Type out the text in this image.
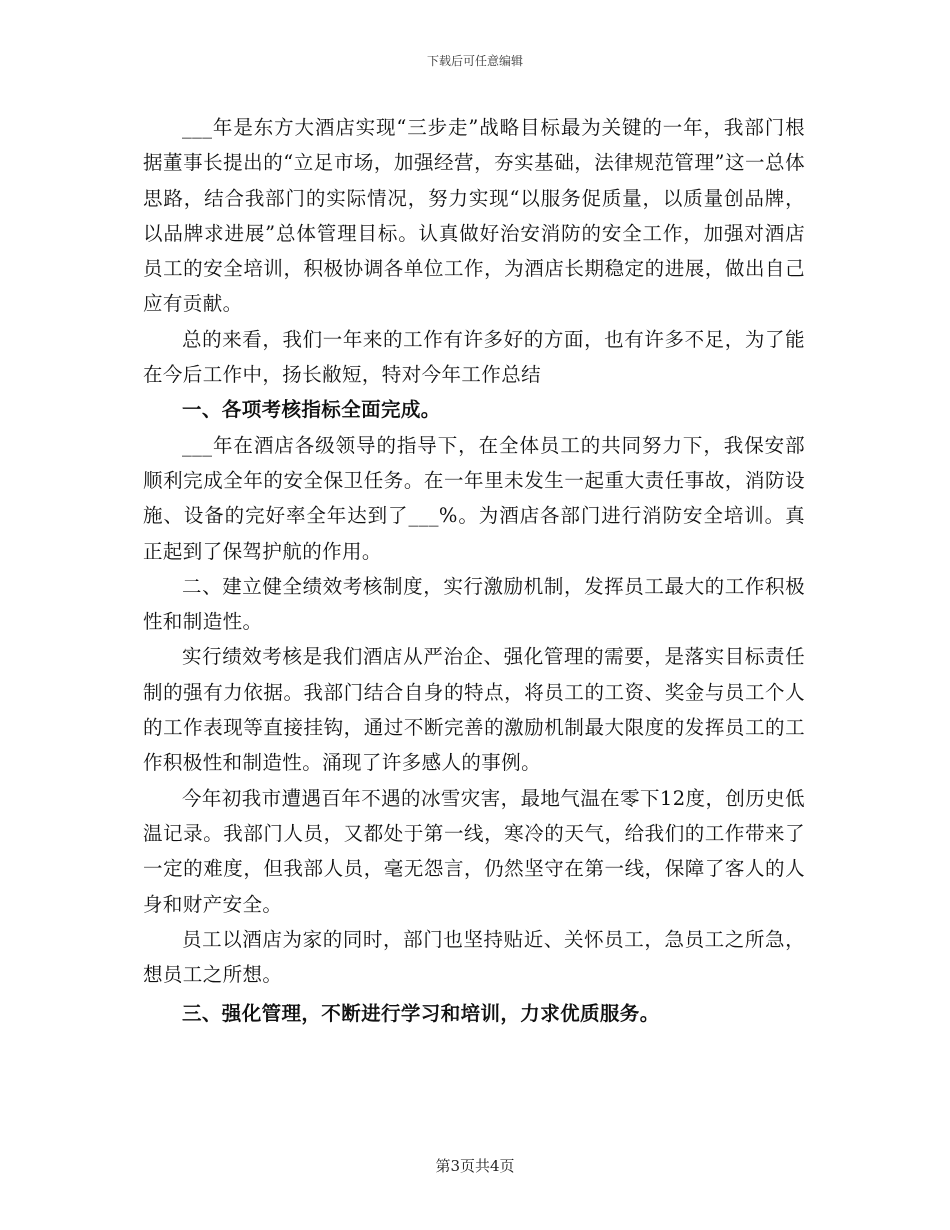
下载后可任意编辑

___年是东方大酒店实现“三步走”战略目标最为关键的一年，我部门根据董事长提出的“立足市场，加强经营，夯实基础，法律规范管理”这一总体思路，结合我部门的实际情况，努力实现“以服务促质量，以质量创品牌，以品牌求进展”总体管理目标。认真做好治安消防的安全工作，加强对酒店员工的安全培训，积极协调各单位工作，为酒店长期稳定的进展，做出自己应有贡献。

总的来看，我们一年来的工作有许多好的方面，也有许多不足，为了能在今后工作中，扬长敝短，特对今年工作总结

一、各项考核指标全面完成。

___年在酒店各级领导的指导下，在全体员工的共同努力下，我保安部顺利完成全年的安全保卫任务。在一年里未发生一起重大责任事故，消防设施、设备的完好率全年达到了___%。为酒店各部门进行消防安全培训。真正起到了保驾护航的作用。

二、建立健全绩效考核制度，实行激励机制，发挥员工最大的工作积极性和制造性。

实行绩效考核是我们酒店从严治企、强化管理的需要，是落实目标责任制的强有力依据。我部门结合自身的特点，将员工的工资、奖金与员工个人的工作表现等直接挂钩，通过不断完善的激励机制最大限度的发挥员工的工作积极性和制造性。涌现了许多感人的事例。

今年初我市遭遇百年不遇的冰雪灾害，最地气温在零下12度，创历史低温记录。我部门人员，又都处于第一线，寒冷的天气，给我们的工作带来了一定的难度，但我部人员，毫无怨言，仍然坚守在第一线，保障了客人的人身和财产安全。

员工以酒店为家的同时，部门也坚持贴近、关怀员工，急员工之所急，想员工之所想。

三、强化管理，不断进行学习和培训，力求优质服务。

第3页共4页
